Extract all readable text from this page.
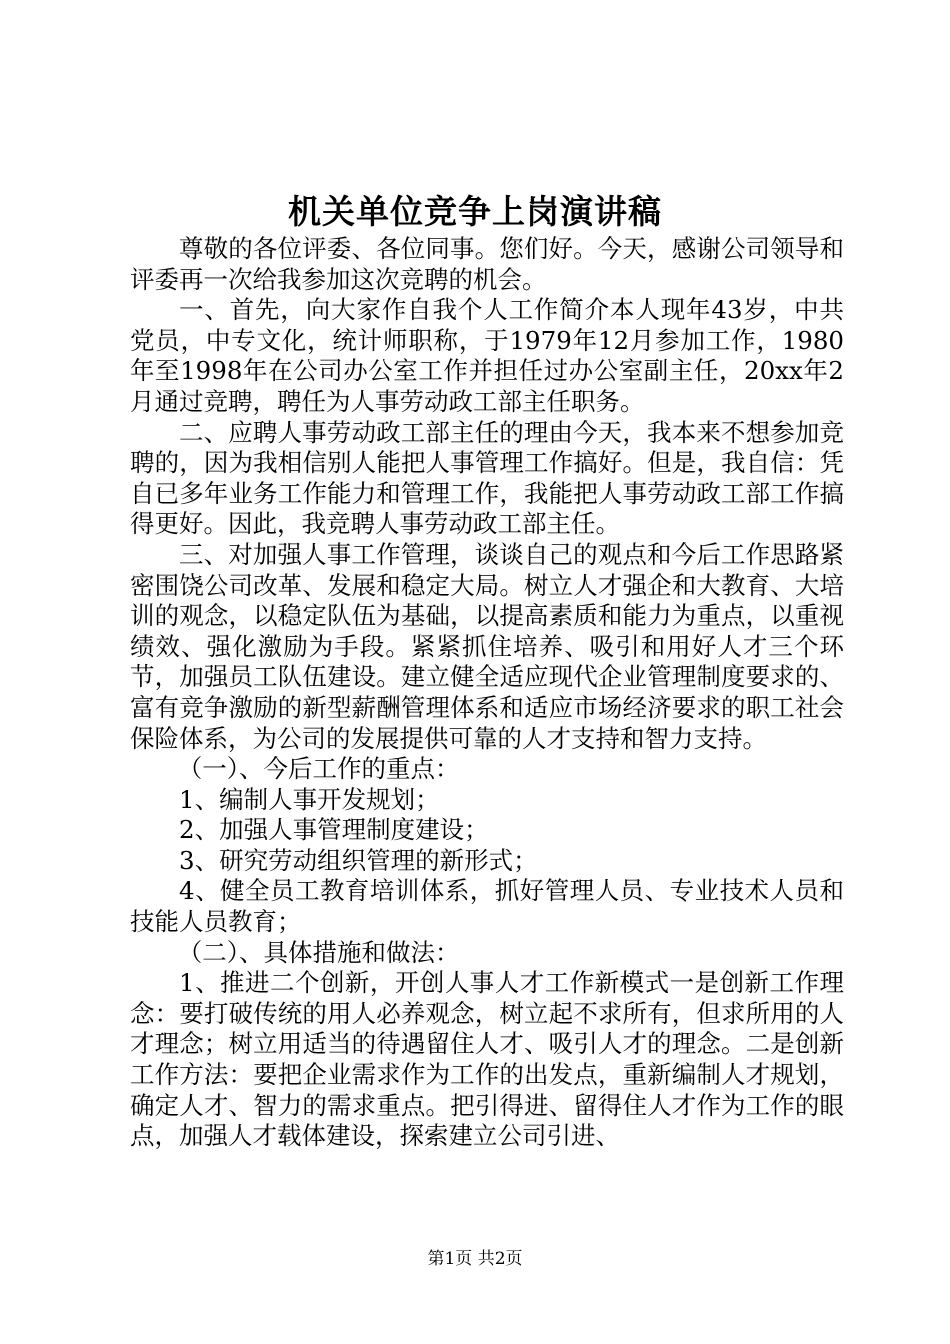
机关单位竞争上岗演讲稿

尊敬的各位评委、各位同事。您们好。今天，感谢公司领导和评委再一次给我参加这次竞聘的机会。

一、首先，向大家作自我个人工作简介本人现年43岁，中共党员，中专文化，统计师职称，于1979年12月参加工作，1980年至1998年在公司办公室工作并担任过办公室副主任，20xx年2月通过竞聘，聘任为人事劳动政工部主任职务。

二、应聘人事劳动政工部主任的理由今天，我本来不想参加竞聘的，因为我相信别人能把人事管理工作搞好。但是，我自信：凭自已多年业务工作能力和管理工作，我能把人事劳动政工部工作搞得更好。因此，我竞聘人事劳动政工部主任。

三、对加强人事工作管理，谈谈自己的观点和今后工作思路紧密围饶公司改革、发展和稳定大局。树立人才强企和大教育、大培训的观念，以稳定队伍为基础，以提高素质和能力为重点，以重视绩效、强化激励为手段。紧紧抓住培养、吸引和用好人才三个环节，加强员工队伍建设。建立健全适应现代企业管理制度要求的、富有竞争激励的新型薪酬管理体系和适应市场经济要求的职工社会保险体系，为公司的发展提供可靠的人才支持和智力支持。

（一）、今后工作的重点：

1、编制人事开发规划；

2、加强人事管理制度建设；

3、研究劳动组织管理的新形式；

4、健全员工教育培训体系，抓好管理人员、专业技术人员和技能人员教育；

（二）、具体措施和做法：

1、推进二个创新，开创人事人才工作新模式一是创新工作理念：要打破传统的用人必养观念，树立起不求所有，但求所用的人才理念；树立用适当的待遇留住人才、吸引人才的理念。二是创新工作方法：要把企业需求作为工作的出发点，重新编制人才规划，确定人才、智力的需求重点。把引得进、留得住人才作为工作的眼点，加强人才载体建设，探索建立公司引进、

第1页 共2页
